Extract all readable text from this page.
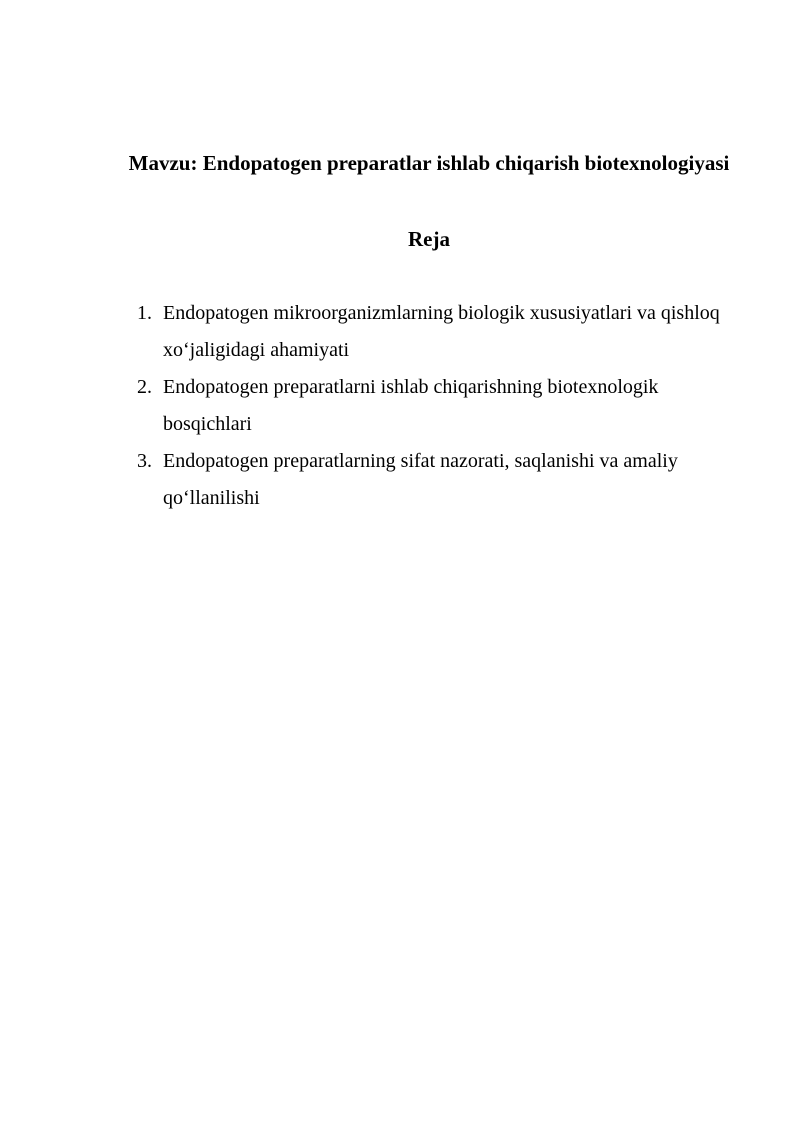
Mavzu: Endopatogen preparatlar ishlab chiqarish biotexnologiyasi
Reja
1. Endopatogen mikroorganizmlarning biologik xususiyatlari va qishloq xo‘jaligidagi ahamiyati
2. Endopatogen preparatlarni ishlab chiqarishning biotexnologik bosqichlari
3. Endopatogen preparatlarning sifat nazorati, saqlanishi va amaliy qo‘llanilishi
